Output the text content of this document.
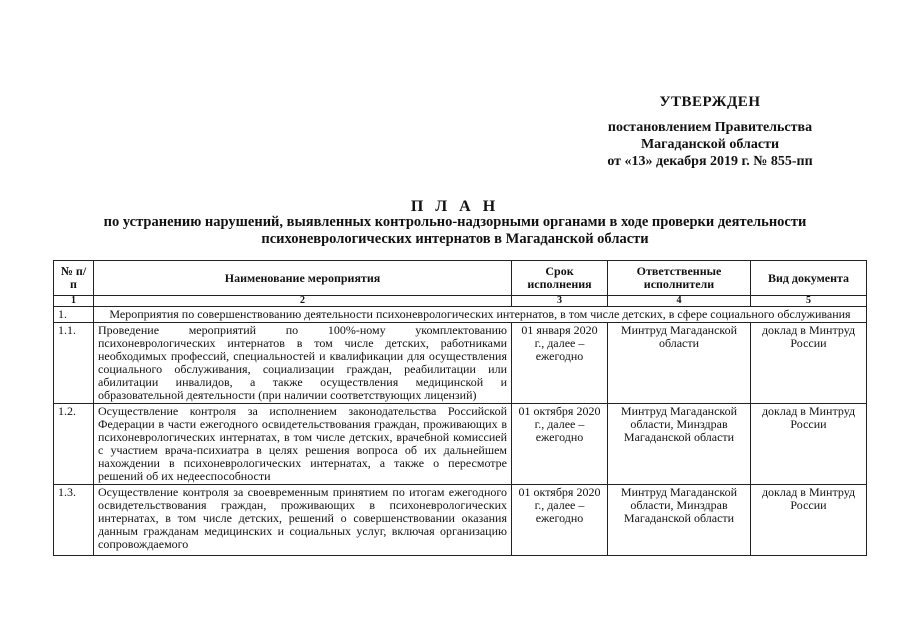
УТВЕРЖДЕН
постановлением Правительства
Магаданской области
от «13» декабря 2019 г. № 855-пп
П Л А Н
по устранению нарушений, выявленных контрольно-надзорными органами в ходе проверки деятельности
психоневрологических интернатов в Магаданской области
№ п/п	Наименование мероприятия	Срок исполнения	Ответственные исполнители	Вид документа
1	2	3	4	5
1.	Мероприятия по совершенствованию деятельности психоневрологических интернатов, в том числе детских, в сфере социального обслуживания			
1.1.	Проведение мероприятий по 100%-ному укомплектованию психоневрологических интернатов в том числе детских, работниками необходимых профессий, специальностей и квалификации для осуществления социального обслуживания, социализации граждан, реабилитации или абилитации инвалидов, а также осуществления медицинской и образовательной деятельности (при наличии соответствующих лицензий)	01 января 2020 г., далее – ежегодно	Минтруд Магаданской области	доклад в Минтруд России
1.2.	Осуществление контроля за исполнением законодательства Российской Федерации в части ежегодного освидетельствования граждан, проживающих в психоневрологических интернатах, в том числе детских, врачебной комиссией с участием врача-психиатра в целях решения вопроса об их дальнейшем нахождении в психоневрологических интернатах, а также о пересмотре решений об их недееспособности	01 октября 2020 г., далее – ежегодно	Минтруд Магаданской области, Минздрав Магаданской области	доклад в Минтруд России
1.3.	Осуществление контроля за своевременным принятием по итогам ежегодного освидетельствования граждан, проживающих в психоневрологических интернатах, в том числе детских, решений о совершенствовании оказания данным гражданам медицинских и социальных услуг, включая организацию сопровождаемого	01 октября 2020 г., далее – ежегодно	Минтруд Магаданской области, Минздрав Магаданской области	доклад в Минтруд России
